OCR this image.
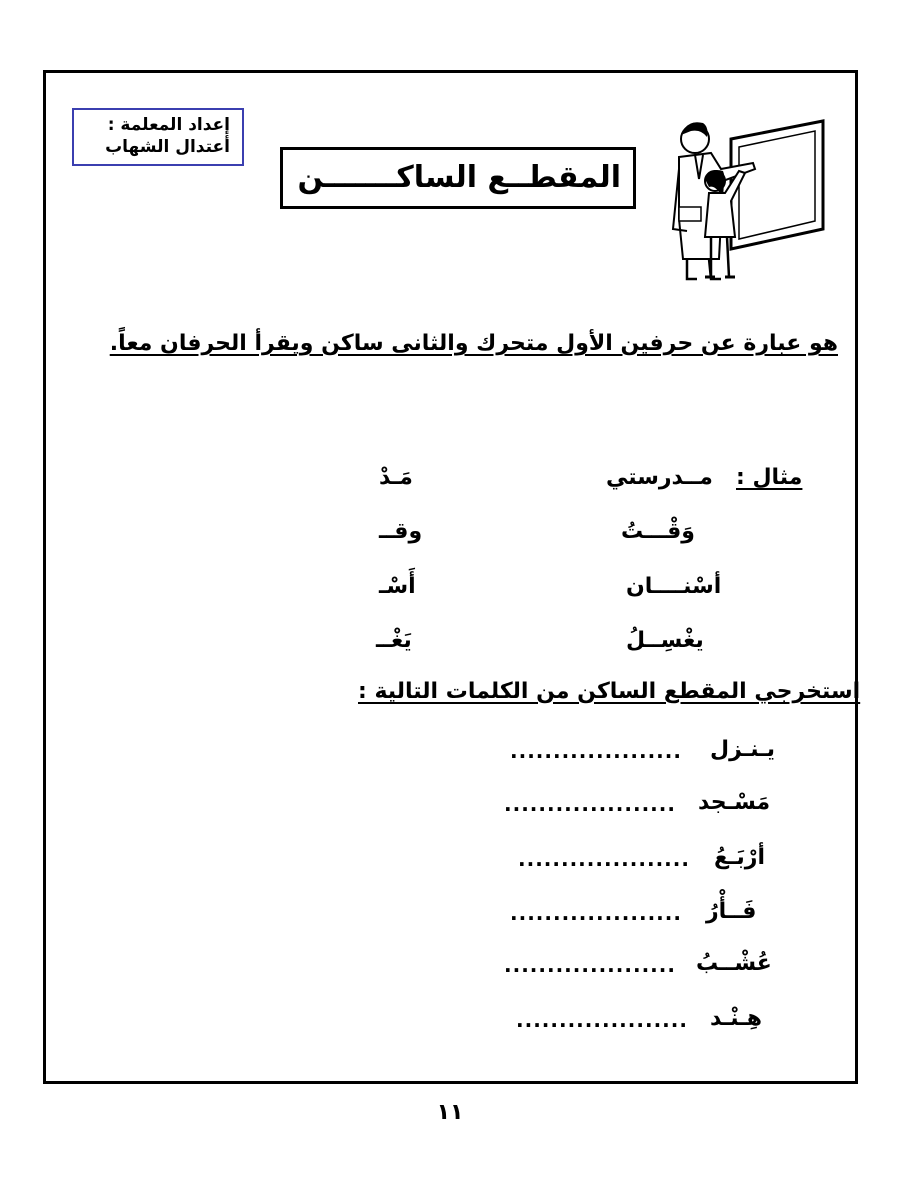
إعداد المعلمة :
أعتدال الشهاب
المقطــع الساكـــــــن
هو عبارة عن حرفين الأول متحرك والثانى ساكن ويقرأ الحرفان معاً.
مثال :
مــدرستي
مَـدْ
وَقْـــتُ
وقــ
أسْنــــان
أَسْـ
يغْسِــلُ
يَغْــ
استخرجي المقطع الساكن من الكلمات التالية :
يـنـزل
....................
مَسْـجد
....................
أرْبَـعُ
....................
فَــأْرُ
....................
عُشْــبُ
....................
هِـنْـد
....................
١١
